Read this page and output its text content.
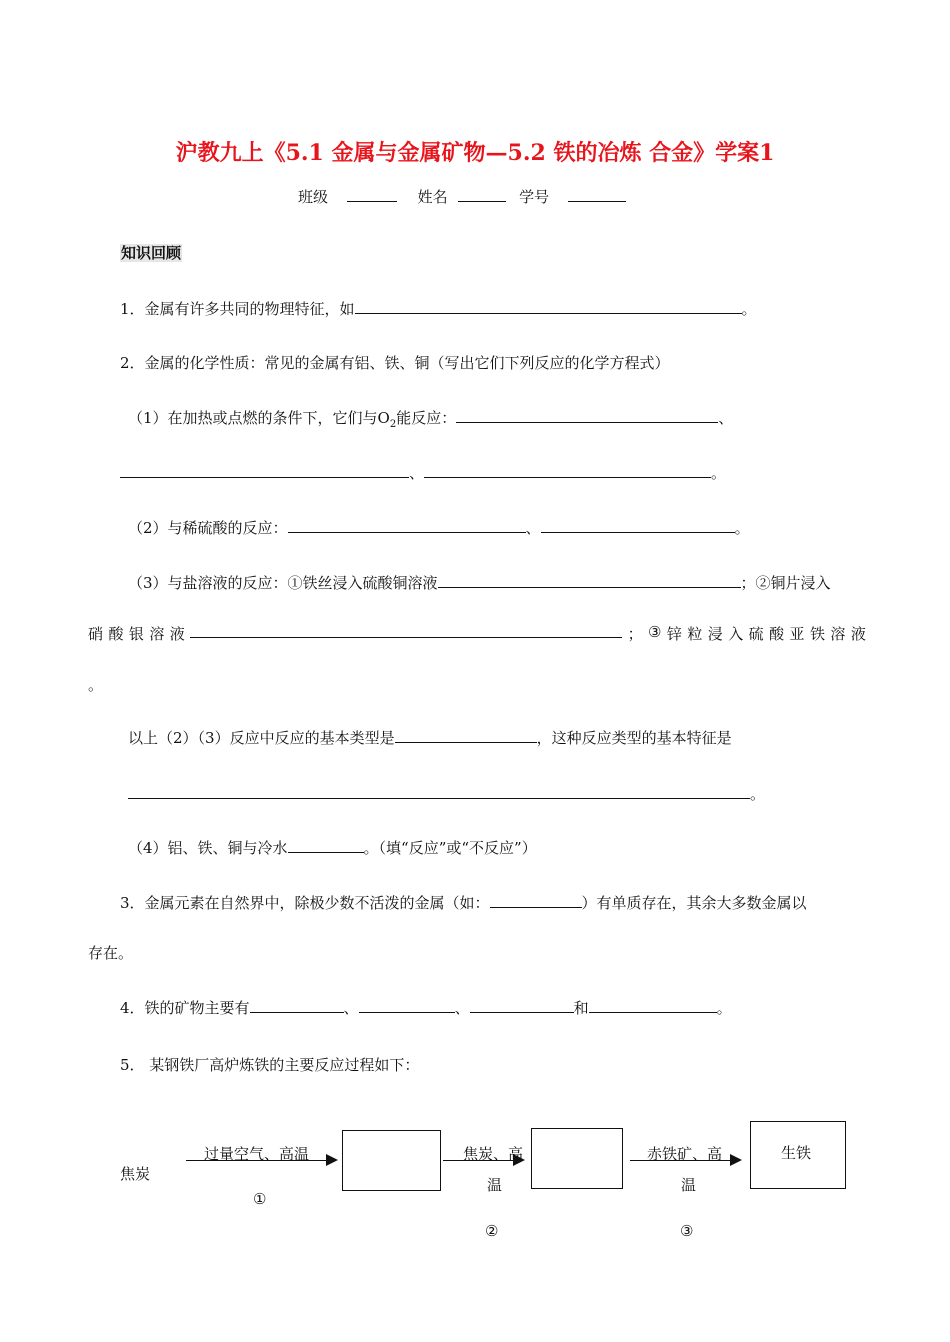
沪教九上《5.1 金属与金属矿物—5.2 铁的冶炼 合金》学案1
班级	姓名	学号
知识回顾
1．金属有许多共同的物理特征，如	。
2．金属的化学性质：常见的金属有铝、铁、铜（写出它们下列反应的化学方程式）
（1）在加热或点燃的条件下，它们与$O_2$能反应：	、
、	。
（2）与稀硫酸的反应：	、	。
（3）与盐溶液的反应：①铁丝浸入硫酸铜溶液	；②铜片浸入
硝 酸 银 溶 液	； ③ 锌 粒 浸 入 硫 酸 亚 铁 溶 液
。
以上（2）（3）反应中反应的基本类型是	，这种反应类型的基本特征是
。
（4）铝、铁、铜与冷水	。（填“反应”或“不反应”）
3．金属元素在自然界中，除极少数不活泼的金属（如：	）有单质存在，其余大多数金属以
存在。
4．铁的矿物主要有	、	、	和	。
5． 某钢铁厂高炉炼铁的主要反应过程如下：
焦炭
过量空气、高温
①
焦炭、高
温
②
赤铁矿、高
温
③
生铁
